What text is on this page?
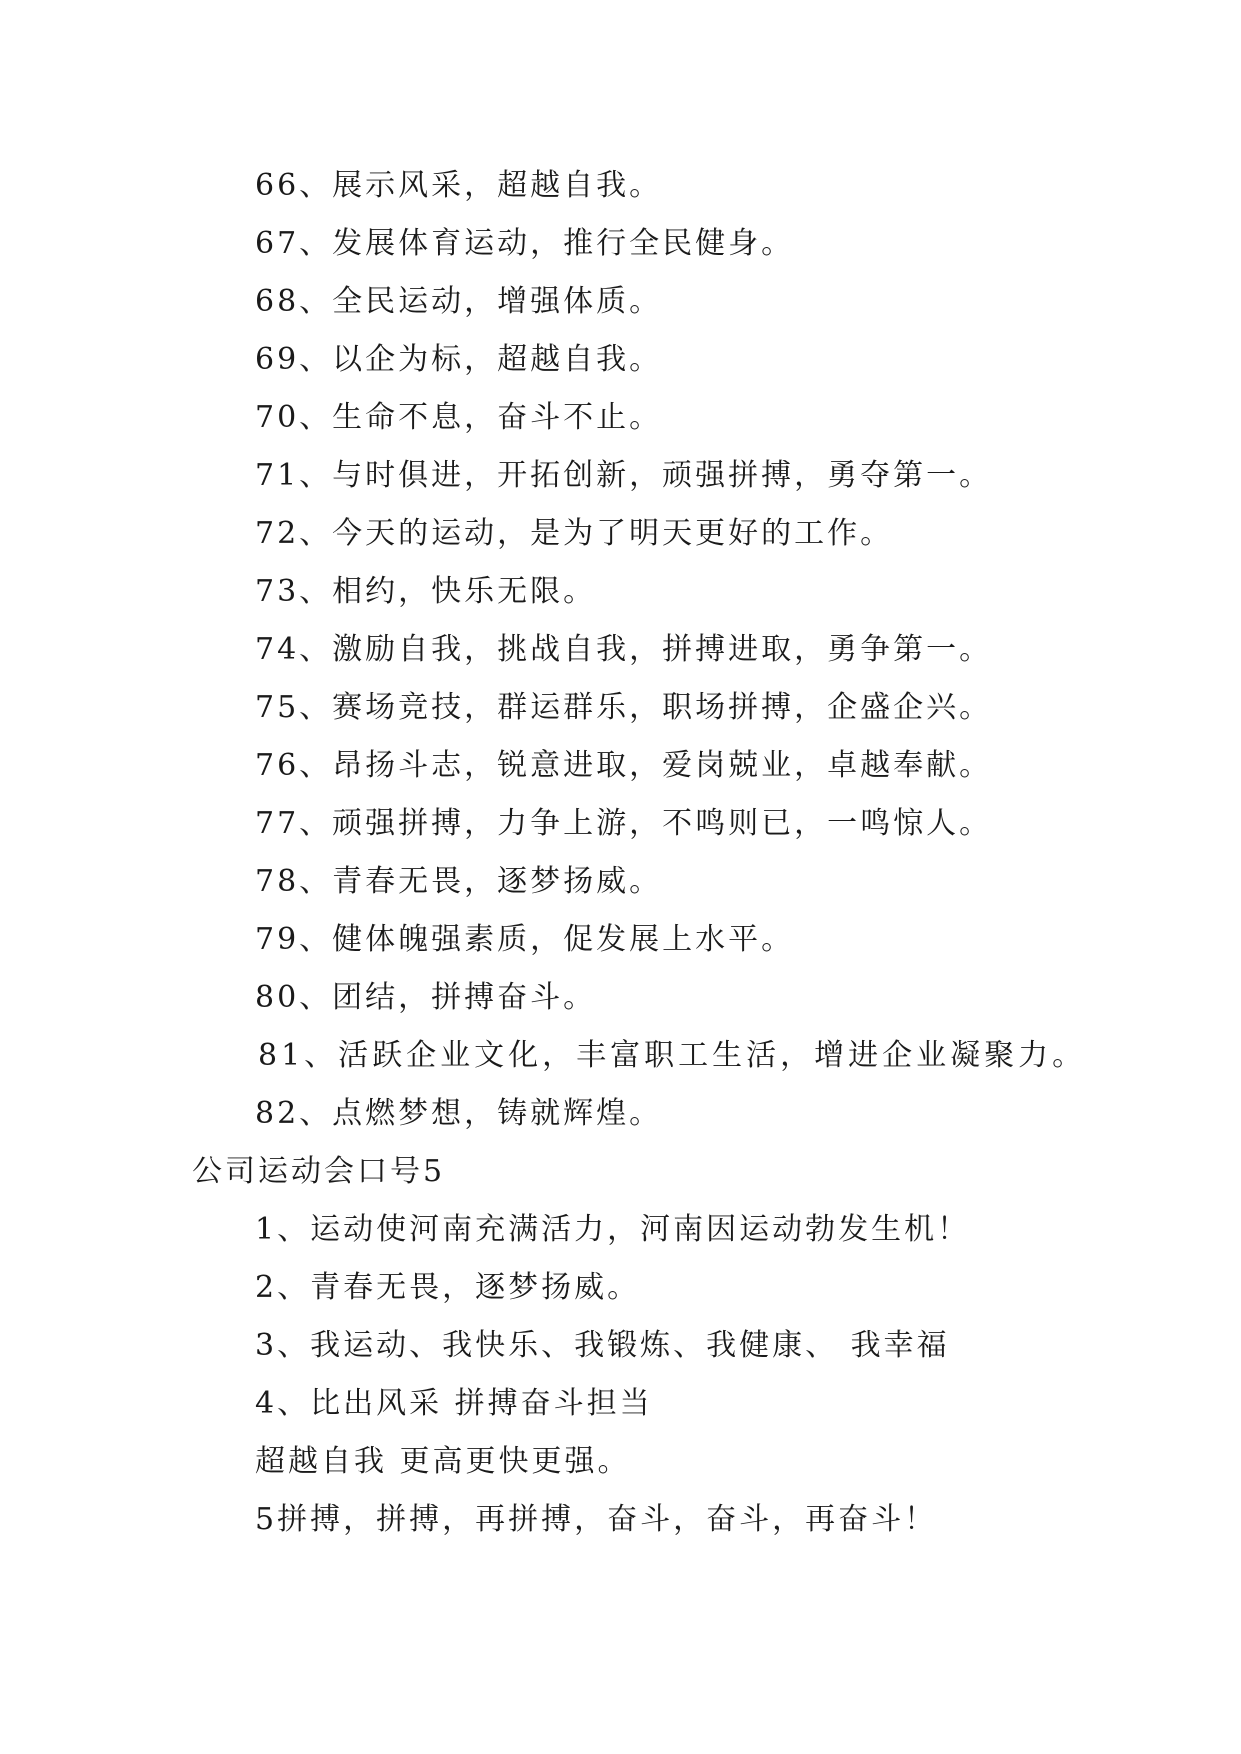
66、展示风采，超越自我。
67、发展体育运动，推行全民健身。
68、全民运动，增强体质。
69、以企为标，超越自我。
70、生命不息，奋斗不止。
71、与时俱进，开拓创新，顽强拼搏，勇夺第一。
72、今天的运动，是为了明天更好的工作。
73、相约，快乐无限。
74、激励自我，挑战自我，拼搏进取，勇争第一。
75、赛场竞技，群运群乐，职场拼搏，企盛企兴。
76、昂扬斗志，锐意进取，爱岗兢业，卓越奉献。
77、顽强拼搏，力争上游，不鸣则已，一鸣惊人。
78、青春无畏，逐梦扬威。
79、健体魄强素质，促发展上水平。
80、团结，拼搏奋斗。
81、活跃企业文化，丰富职工生活，增进企业凝聚力。
82、点燃梦想，铸就辉煌。
公司运动会口号5
1、运动使河南充满活力，河南因运动勃发生机！
2、青春无畏，逐梦扬威。
3、我运动、我快乐、我锻炼、我健康、 我幸福
4、比出风采 拼搏奋斗担当
超越自我 更高更快更强。
5拼搏，拼搏，再拼搏，奋斗，奋斗，再奋斗！
